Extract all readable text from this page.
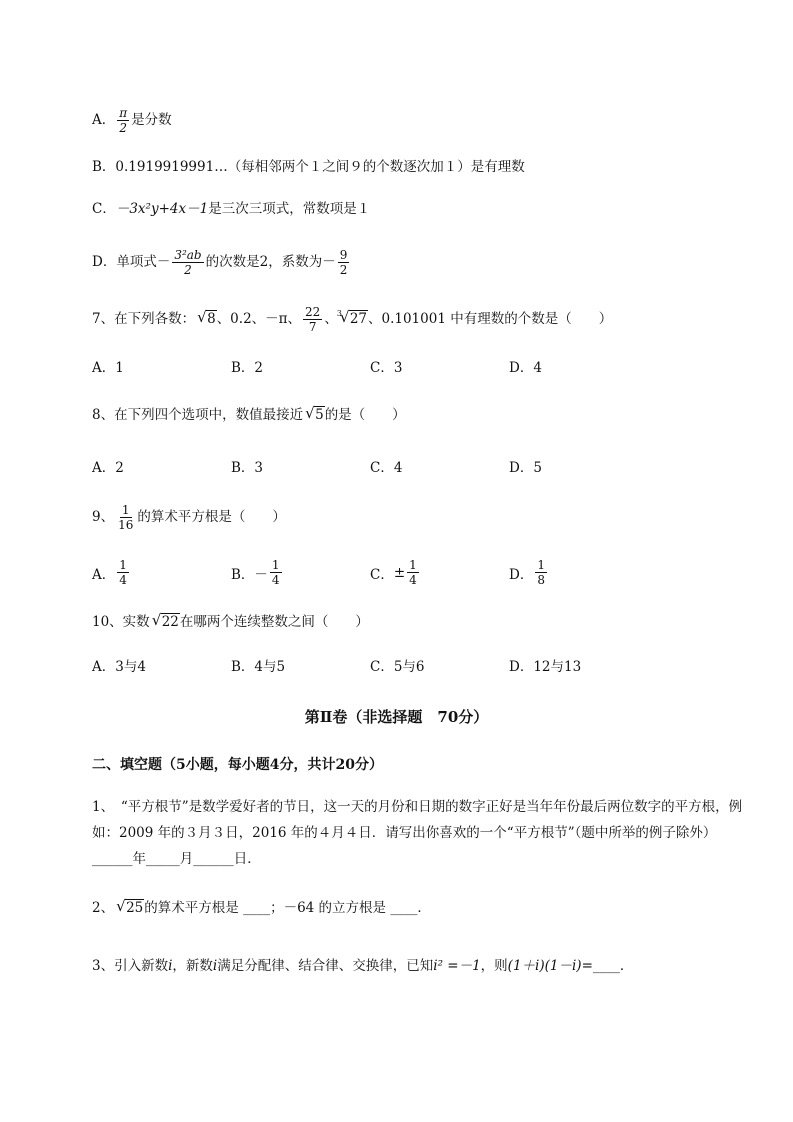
A． $\frac{\pi}{2}$ 是分数
B．0.1919919991…（每相邻两个１之间９的个数逐次加１）是有理数
C．－3x²y+4x－1是三次三项式，常数项是１
D．单项式－ $\frac{\text{3²ab}}{2}$ 的次数是2，系数为－ $\frac{9}{2}$
7、在下列各数： √ 8、0.2、－π、 $\frac{22}{7}$ 、 √ 3 27、0.101001 中有理数的个数是（　　）
A．1	B．2	C．3	D．4
8、在下列四个选项中，数值最接近 √ 5的是（　　）
A．2	B．3	C．4	D．5
9、 $\frac{1}{16}$ 的算术平方根是（　　）
A． $\frac{1}{4}$	B． － $\frac{1}{4}$	C． ± $\frac{1}{4}$	D． $\frac{1}{8}$
10、实数 √ 22在哪两个连续整数之间（　　）
A．3与4	B．4与5	C．5与6	D．12与13
第Ⅱ卷（非选择题　70分）
二、填空题（5小题，每小题4分，共计20分）
1、　“平方根节”是数学爱好者的节日，这一天的月份和日期的数字正好是当年年份最后两位数字的平方根，例如：2009 年的３月３日，2016 年的４月４日．请写出你喜欢的一个“平方根节”（题中所举的例子除外）______年_____月______日．
2、 √ 25的算术平方根是 ____；－64 的立方根是 ____．
3、引入新数i，新数i满足分配律、结合律、交换律，已知i² =－1，则(1＋i)(1－i)=____．
